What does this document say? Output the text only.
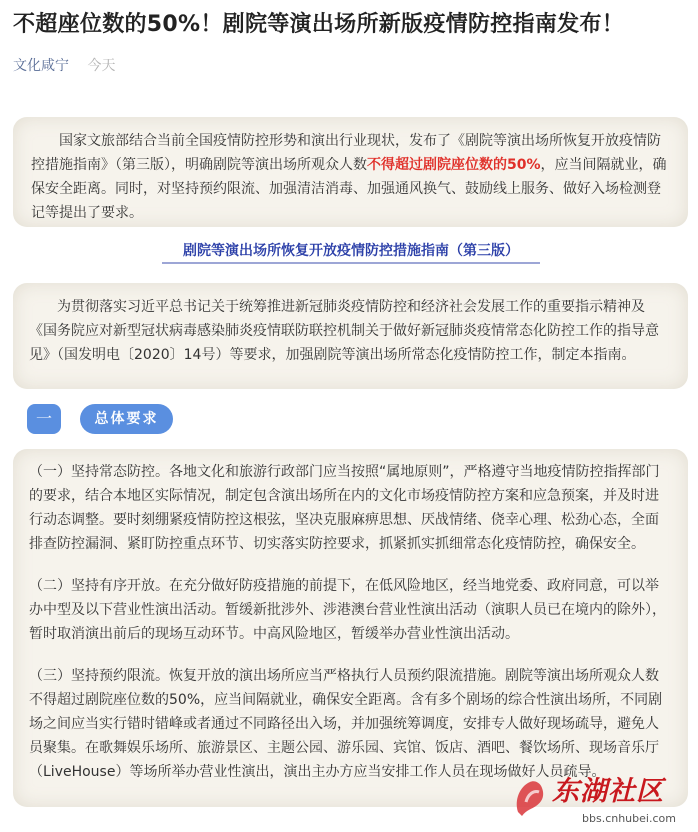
不超座位数的50%！剧院等演出场所新版疫情防控指南发布！
文化咸宁 今天

国家文旅部结合当前全国疫情防控形势和演出行业现状，发布了《剧院等演出场所恢复开放疫情防控措施指南》（第三版），明确剧院等演出场所观众人数不得超过剧院座位数的50%，应当间隔就业，确保安全距离。同时，对坚持预约限流、加强清洁消毒、加强通风换气、鼓励线上服务、做好入场检测登记等提出了要求。

剧院等演出场所恢复开放疫情防控措施指南（第三版）

为贯彻落实习近平总书记关于统筹推进新冠肺炎疫情防控和经济社会发展工作的重要指示精神及《国务院应对新型冠状病毒感染肺炎疫情联防联控机制关于做好新冠肺炎疫情常态化防控工作的指导意见》（国发明电〔2020〕14号）等要求，加强剧院等演出场所常态化疫情防控工作，制定本指南。

一	总体要求

（一）坚持常态防控。各地文化和旅游行政部门应当按照“属地原则”，严格遵守当地疫情防控指挥部门的要求，结合本地区实际情况，制定包含演出场所在内的文化市场疫情防控方案和应急预案，并及时进行动态调整。要时刻绷紧疫情防控这根弦，坚决克服麻痹思想、厌战情绪、侥幸心理、松劲心态，全面排查防控漏洞、紧盯防控重点环节、切实落实防控要求，抓紧抓实抓细常态化疫情防控，确保安全。

（二）坚持有序开放。在充分做好防疫措施的前提下，在低风险地区，经当地党委、政府同意，可以举办中型及以下营业性演出活动。暂缓新批涉外、涉港澳台营业性演出活动（演职人员已在境内的除外），暂时取消演出前后的现场互动环节。中高风险地区，暂缓举办营业性演出活动。

（三）坚持预约限流。恢复开放的演出场所应当严格执行人员预约限流措施。剧院等演出场所观众人数不得超过剧院座位数的50%，应当间隔就业，确保安全距离。含有多个剧场的综合性演出场所，不同剧场之间应当实行错时错峰或者通过不同路径出入场，并加强统筹调度，安排专人做好现场疏导，避免人员聚集。在歌舞娱乐场所、旅游景区、主题公园、游乐园、宾馆、饭店、酒吧、餐饮场所、现场音乐厅（LiveHouse）等场所举办营业性演出，演出主办方应当安排工作人员在现场做好人员疏导。

东湖社区
bbs.cnhubei.com
